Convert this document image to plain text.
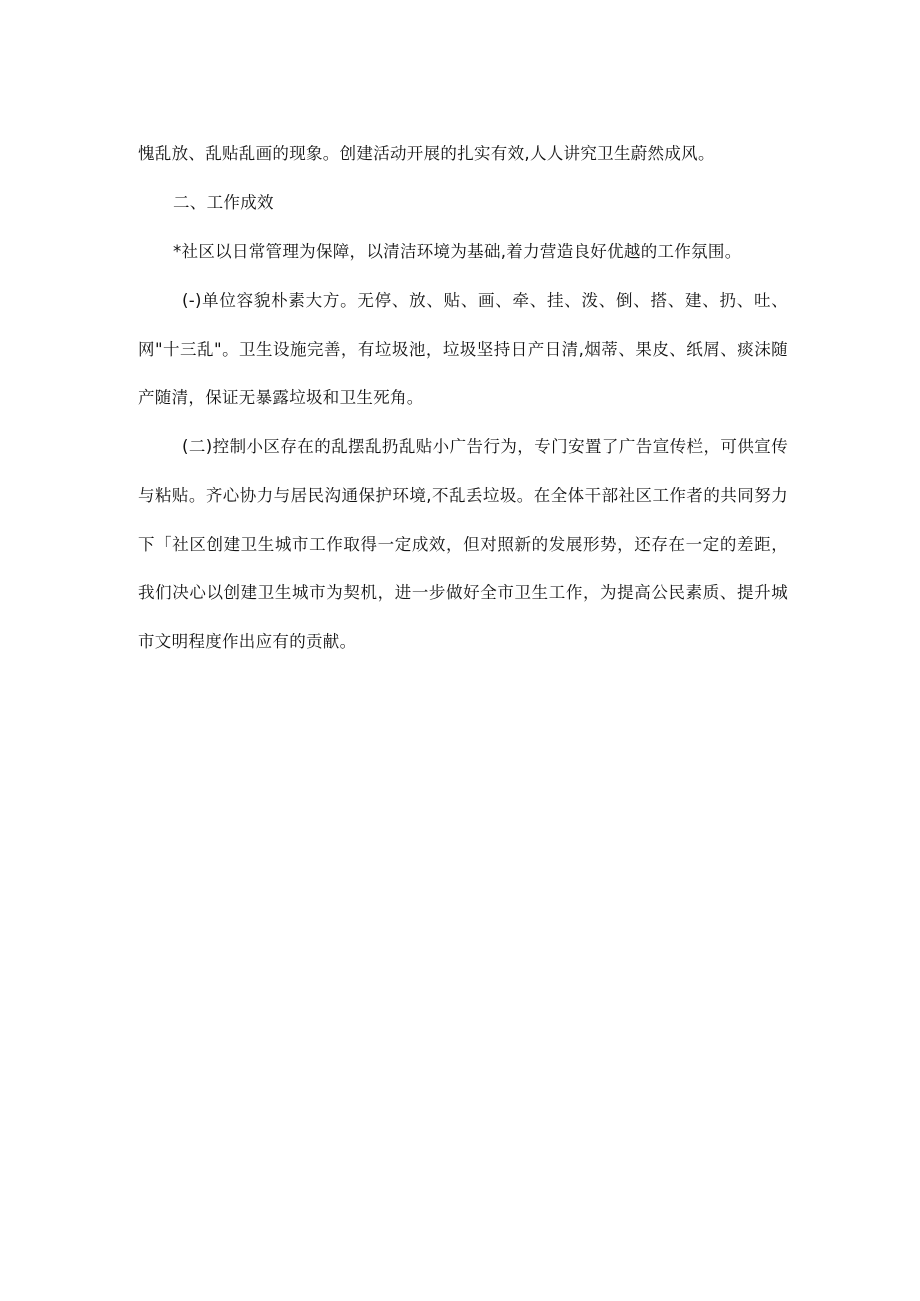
愧乱放、乱贴乱画的现象。创建活动开展的扎实有效,人人讲究卫生蔚然成风。
二、工作成效
*社区以日常管理为保障，以清洁环境为基础,着力营造良好优越的工作氛围。
(-)单位容貌朴素大方。无停、放、贴、画、牵、挂、泼、倒、搭、建、扔、吐、
网"十三乱"。卫生设施完善，有垃圾池，垃圾坚持日产日清,烟蒂、果皮、纸屑、痰沫随
产随清，保证无暴露垃圾和卫生死角。
(二)控制小区存在的乱摆乱扔乱贴小广告行为，专门安置了广告宣传栏，可供宣传
与粘贴。齐心协力与居民沟通保护环境,不乱丢垃圾。在全体干部社区工作者的共同努力
下「社区创建卫生城市工作取得一定成效，但对照新的发展形势，还存在一定的差距，
我们决心以创建卫生城市为契机，进一步做好全市卫生工作，为提高公民素质、提升城
市文明程度作出应有的贡献。
